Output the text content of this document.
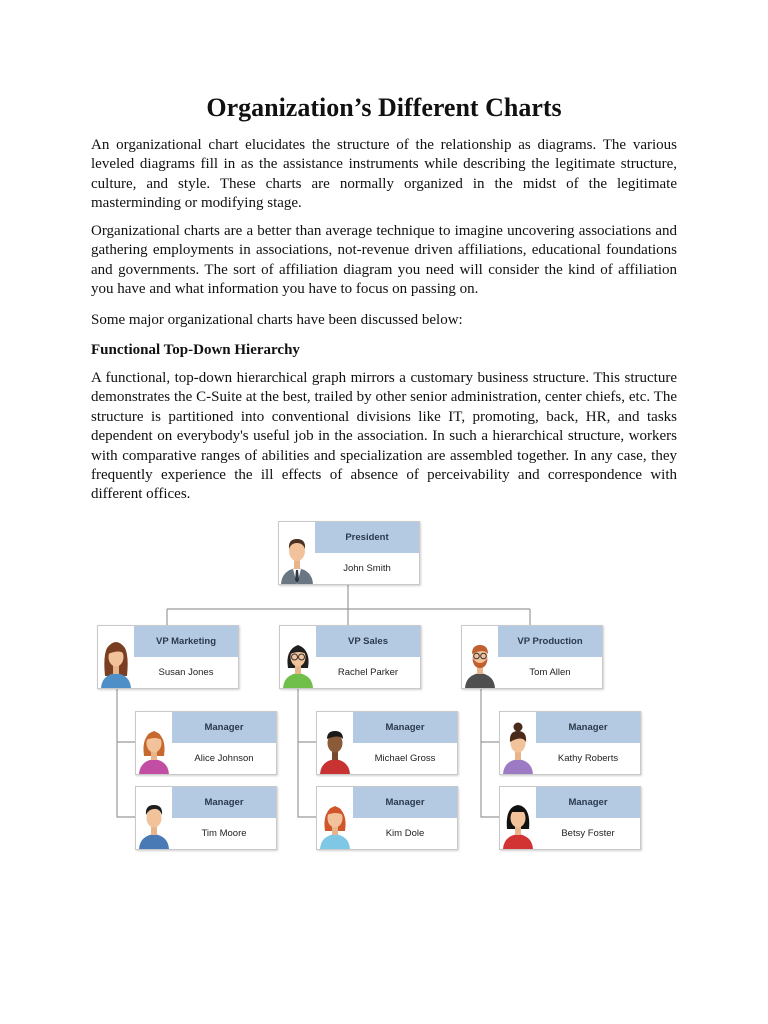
Organization’s Different Charts

An organizational chart elucidates the structure of the relationship as diagrams. The various leveled diagrams fill in as the assistance instruments while describing the legitimate structure, culture, and style. These charts are normally organized in the midst of the legitimate masterminding or modifying stage.

Organizational charts are a better than average technique to imagine uncovering associations and gathering employments in associations, not-revenue driven affiliations, educational foundations and governments. The sort of affiliation diagram you need will consider the kind of affiliation you have and what information you have to focus on passing on.

Some major organizational charts have been discussed below:

Functional Top-Down Hierarchy

A functional, top-down hierarchical graph mirrors a customary business structure. This structure demonstrates the C-Suite at the best, trailed by other senior administration, center chiefs, etc. The structure is partitioned into conventional divisions like IT, promoting, back, HR, and tasks dependent on everybody's useful job in the association. In such a hierarchical structure, workers with comparative ranges of abilities and specialization are assembled together. In any case, they frequently experience the ill effects of absence of perceivability and correspondence with different offices.

President
John Smith
VP Marketing
Susan Jones
VP Sales
Rachel Parker
VP Production
Tom Allen
Manager
Alice Johnson
Manager
Tim Moore
Manager
Michael Gross
Manager
Kim Dole
Manager
Kathy Roberts
Manager
Betsy Foster
